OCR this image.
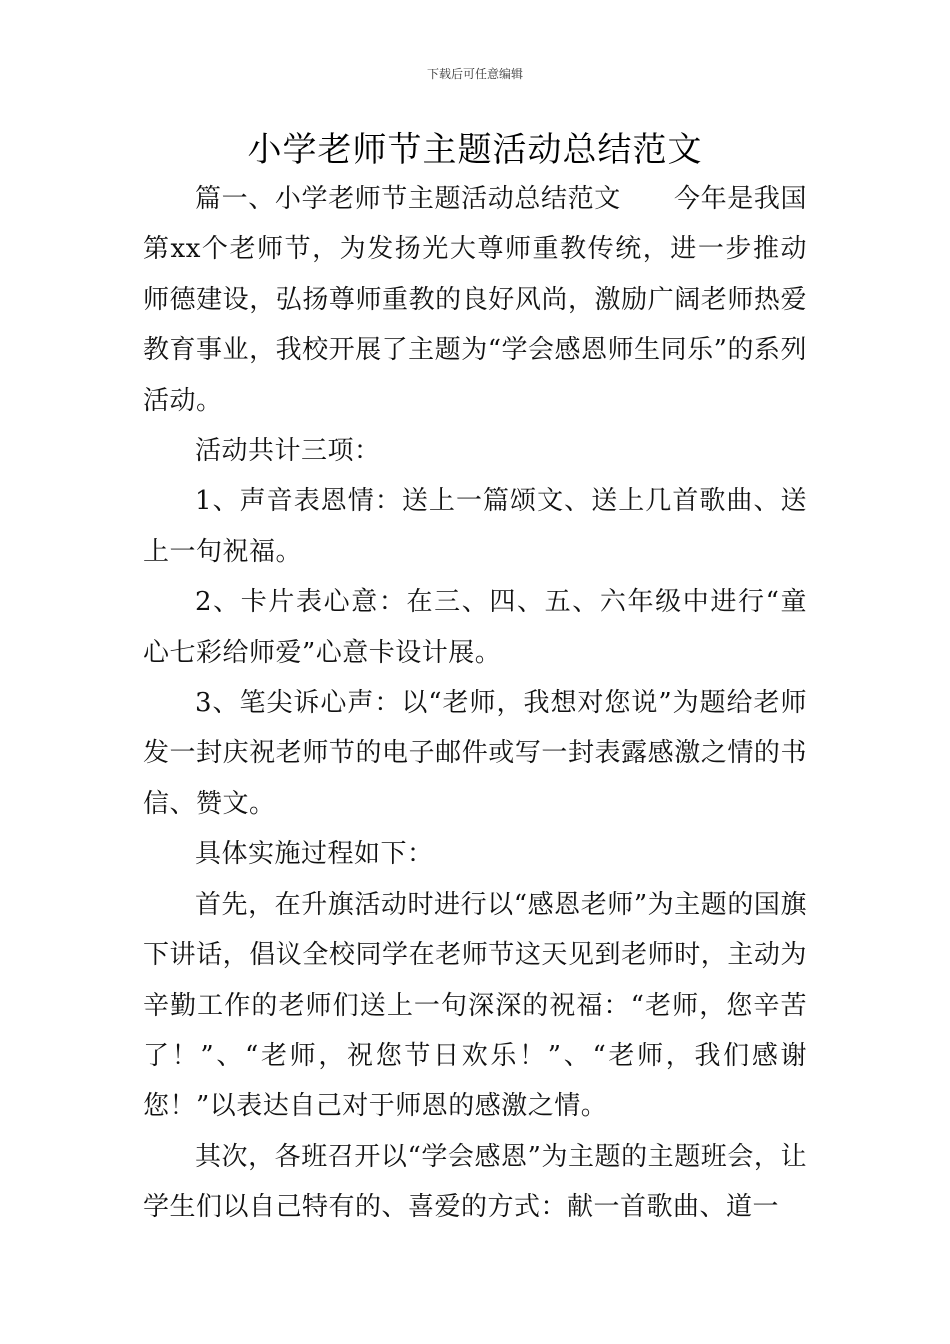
下载后可任意编辑
小学老师节主题活动总结范文

篇一、小学老师节主题活动总结范文　　今年是我国第xx个老师节，为发扬光大尊师重教传统，进一步推动师德建设，弘扬尊师重教的良好风尚，激励广阔老师热爱教育事业，我校开展了主题为“学会感恩师生同乐”的系列活动。

活动共计三项：

1、声音表恩情：送上一篇颂文、送上几首歌曲、送上一句祝福。

2、卡片表心意：在三、四、五、六年级中进行“童心七彩给师爱”心意卡设计展。

3、笔尖诉心声：以“老师，我想对您说”为题给老师发一封庆祝老师节的电子邮件或写一封表露感激之情的书信、赞文。

具体实施过程如下：

首先，在升旗活动时进行以“感恩老师”为主题的国旗下讲话，倡议全校同学在老师节这天见到老师时，主动为辛勤工作的老师们送上一句深深的祝福：“老师，您辛苦了！”、“老师，祝您节日欢乐！”、“老师，我们感谢您！”以表达自己对于师恩的感激之情。

其次，各班召开以“学会感恩”为主题的主题班会，让学生们以自己特有的、喜爱的方式：献一首歌曲、道一
